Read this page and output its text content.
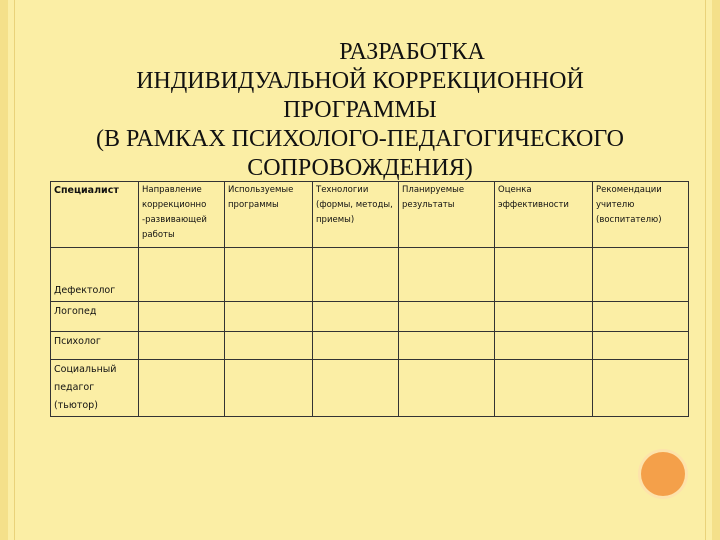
РАЗРАБОТКА
ИНДИВИДУАЛЬНОЙ КОРРЕКЦИОННОЙ
ПРОГРАММЫ
(В РАМКАХ ПСИХОЛОГО-ПЕДАГОГИЧЕСКОГО
СОПРОВОЖДЕНИЯ)
Специалист	Направление коррекционно -развивающей работы	Используемые программы	Технологии (формы, методы, приемы)	Планируемые результаты	Оценка эффективности	Рекомендации учителю (воспитателю)
Дефектолог						
Логопед						
Психолог						
Социальный педагог (тьютор)						
